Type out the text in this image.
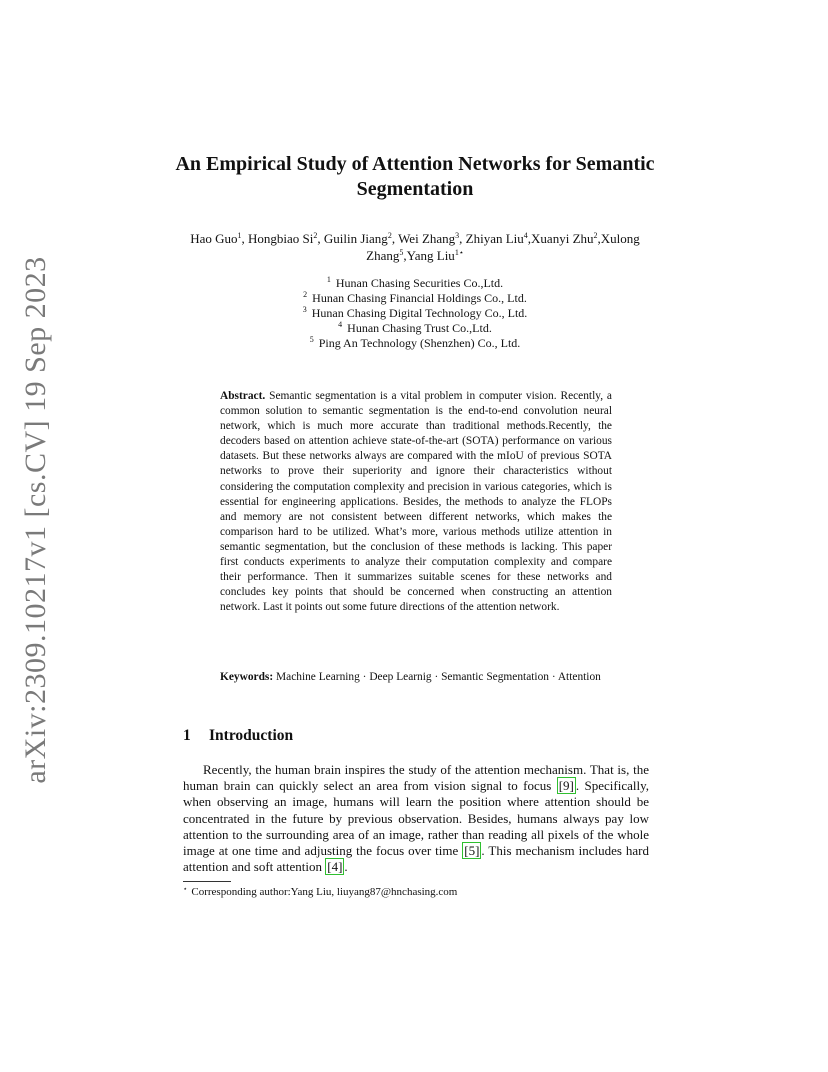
arXiv:2309.10217v1 [cs.CV] 19 Sep 2023
An Empirical Study of Attention Networks for Semantic Segmentation
Hao Guo$^1$, Hongbiao Si$^2$, Guilin Jiang$^2$, Wei Zhang$^3$, Zhiyan Liu$^4$,Xuanyi Zhu$^2$,Xulong Zhang$^5$,Yang Liu$^{1⋆}$
$^1$ Hunan Chasing Securities Co.,Ltd.
$^2$ Hunan Chasing Financial Holdings Co., Ltd.
$^3$ Hunan Chasing Digital Technology Co., Ltd.
$^4$ Hunan Chasing Trust Co.,Ltd.
$^5$ Ping An Technology (Shenzhen) Co., Ltd.

Abstract. Semantic segmentation is a vital problem in computer vision. Recently, a common solution to semantic segmentation is the end-to-end convolution neural network, which is much more accurate than traditional methods.Recently, the decoders based on attention achieve state-of-the-art (SOTA) performance on various datasets. But these networks always are compared with the mIoU of previous SOTA networks to prove their superiority and ignore their characteristics without considering the computation complexity and precision in various categories, which is essential for engineering applications. Besides, the methods to analyze the FLOPs and memory are not consistent between different networks, which makes the comparison hard to be utilized. What’s more, various methods utilize attention in semantic segmentation, but the conclusion of these methods is lacking. This paper first conducts experiments to analyze their computation complexity and compare their performance. Then it summarizes suitable scenes for these networks and concludes key points that should be concerned when constructing an attention network. Last it points out some future directions of the attention network.

Keywords: Machine Learning · Deep Learnig · Semantic Segmentation · Attention

1 Introduction

Recently, the human brain inspires the study of the attention mechanism. That is, the human brain can quickly select an area from vision signal to focus [9] . Specifically, when observing an image, humans will learn the position where attention should be concentrated in the future by previous observation. Besides, humans always pay low attention to the surrounding area of an image, rather than reading all pixels of the whole image at one time and adjusting the focus over time [5] . This mechanism includes hard attention and soft attention [4] .

⋆ Corresponding author:Yang Liu, liuyang87@hnchasing.com
